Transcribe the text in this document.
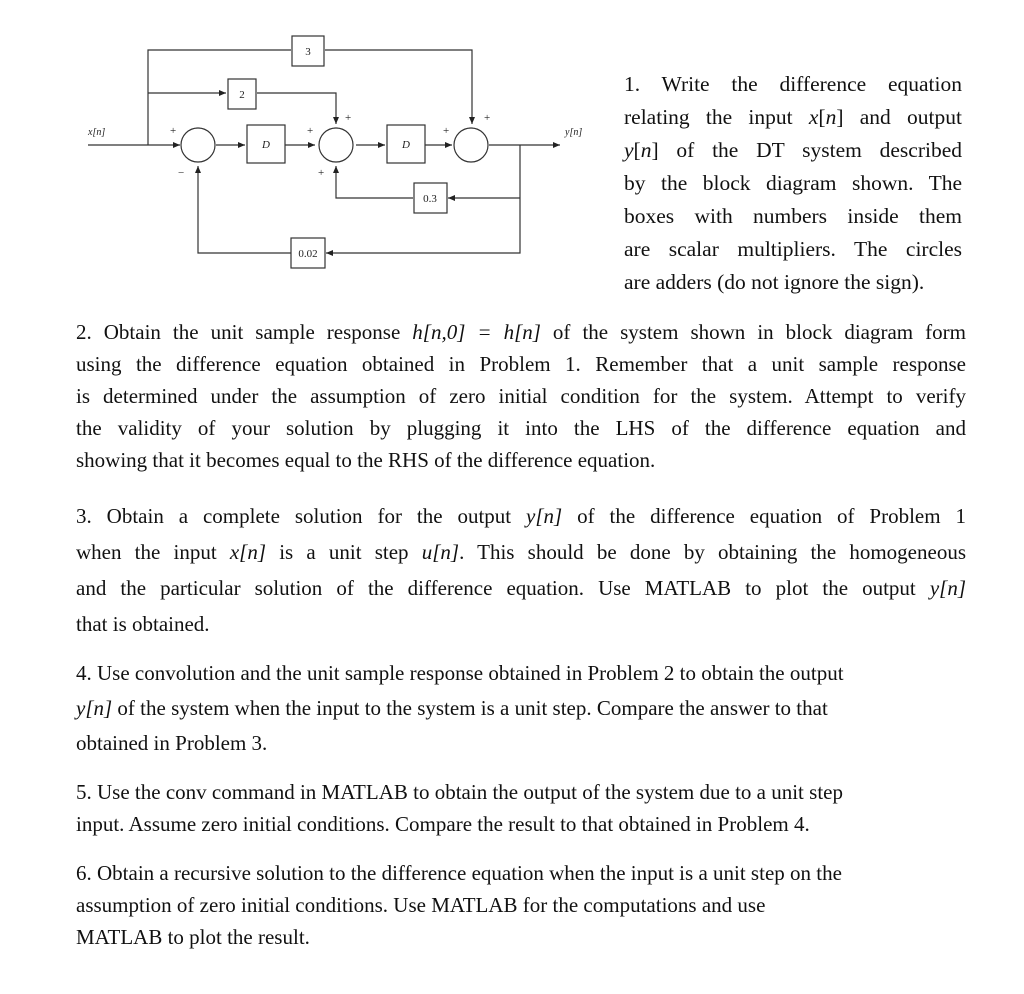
x[n]	y[n]
3
2
D	D
0.3
0.02
+
−
+
+
+
+
+
1. Write the difference equation
relating the input x[n] and output
y[n] of the DT system described
by the block diagram shown. The
boxes with numbers inside them
are scalar multipliers. The circles
are adders (do not ignore the sign).
2. Obtain the unit sample response h[n,0] = h[n] of the system shown in block diagram form
using the difference equation obtained in Problem 1. Remember that a unit sample response
is determined under the assumption of zero initial condition for the system. Attempt to verify
the validity of your solution by plugging it into the LHS of the difference equation and
showing that it becomes equal to the RHS of the difference equation.
3. Obtain a complete solution for the output y[n] of the difference equation of Problem 1
when the input x[n] is a unit step u[n]. This should be done by obtaining the homogeneous
and the particular solution of the difference equation. Use MATLAB to plot the output y[n]
that is obtained.
4. Use convolution and the unit sample response obtained in Problem 2 to obtain the output
y[n] of the system when the input to the system is a unit step. Compare the answer to that
obtained in Problem 3.
5. Use the conv command in MATLAB to obtain the output of the system due to a unit step
input. Assume zero initial conditions. Compare the result to that obtained in Problem 4.
6. Obtain a recursive solution to the difference equation when the input is a unit step on the
assumption of zero initial conditions. Use MATLAB for the computations and use
MATLAB to plot the result.
